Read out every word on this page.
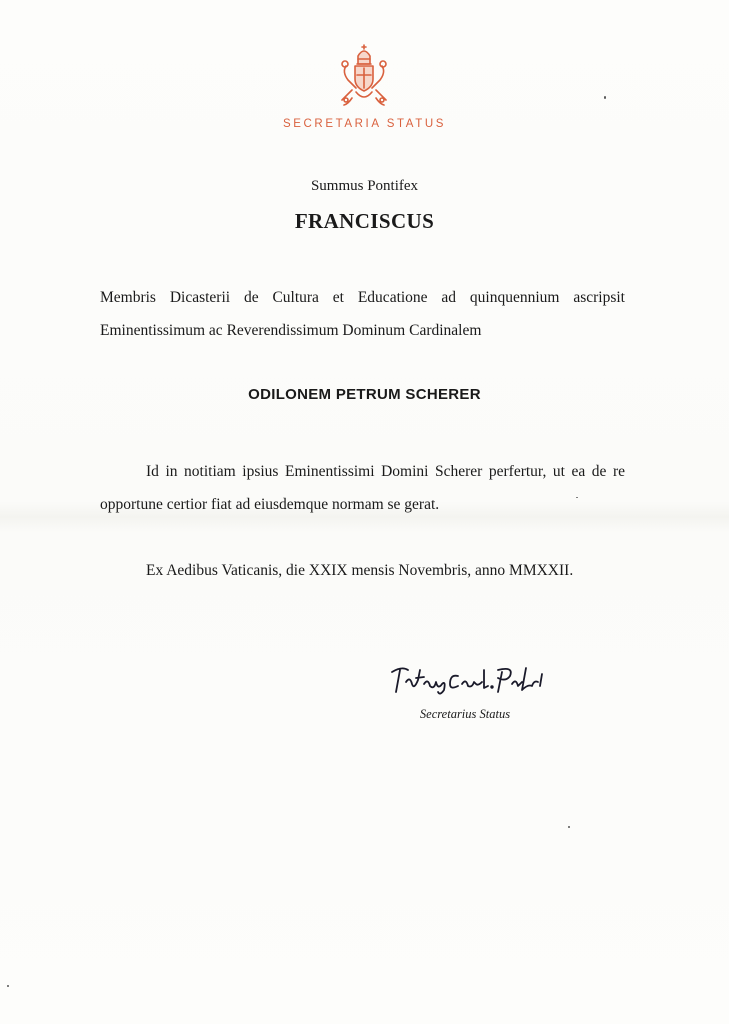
SECRETARIA STATUS
Summus Pontifex
FRANCISCUS
Membris Dicasterii de Cultura et Educatione ad quinquennium ascripsit
Eminentissimum ac Reverendissimum Dominum Cardinalem
ODILONEM PETRUM SCHERER
Id in notitiam ipsius Eminentissimi Domini Scherer perfertur, ut ea de re opportune certior fiat ad eiusdemque normam se gerat.
Ex Aedibus Vaticanis, die XXIX mensis Novembris, anno MMXXII.
Secretarius Status
